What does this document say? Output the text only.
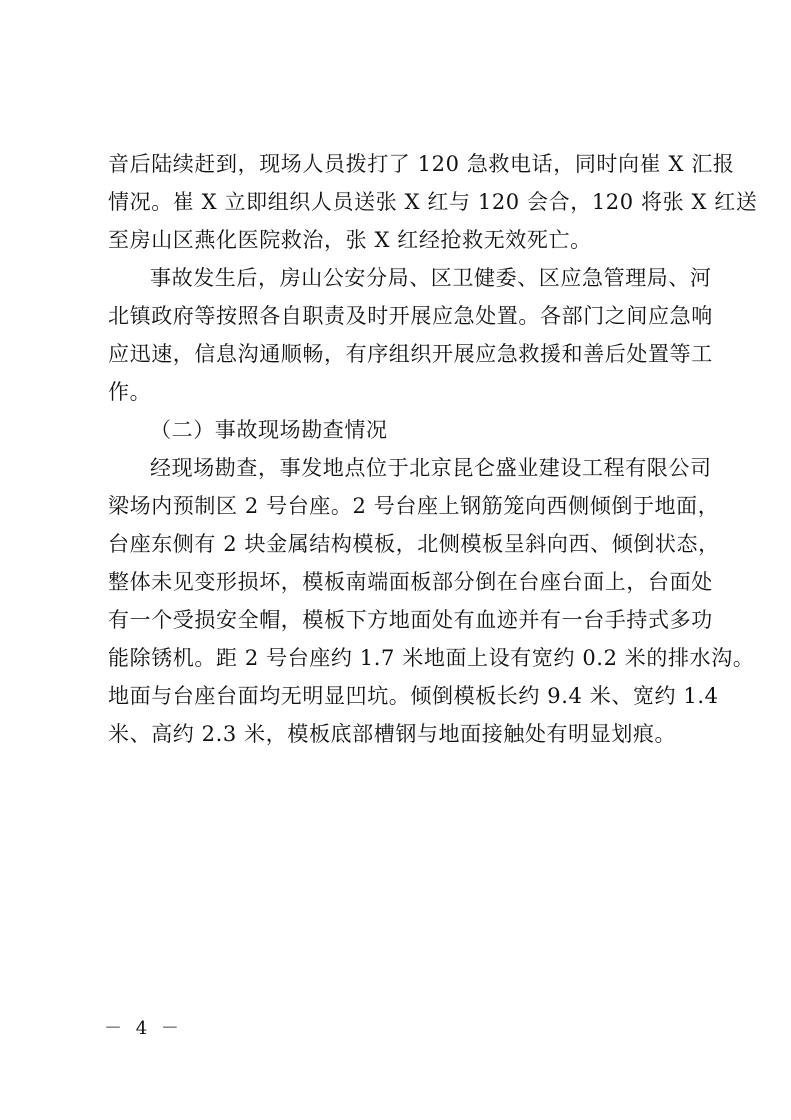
音后陆续赶到，现场人员拨打了 120 急救电话，同时向崔 X 汇报
情况。崔 X 立即组织人员送张 X 红与 120 会合，120 将张 X 红送
至房山区燕化医院救治，张 X 红经抢救无效死亡。
事故发生后，房山公安分局、区卫健委、区应急管理局、河
北镇政府等按照各自职责及时开展应急处置。各部门之间应急响
应迅速，信息沟通顺畅，有序组织开展应急救援和善后处置等工
作。
（二）事故现场勘查情况
经现场勘查，事发地点位于北京昆仑盛业建设工程有限公司
梁场内预制区 2 号台座。2 号台座上钢筋笼向西侧倾倒于地面，
台座东侧有 2 块金属结构模板，北侧模板呈斜向西、倾倒状态，
整体未见变形损坏，模板南端面板部分倒在台座台面上，台面处
有一个受损安全帽，模板下方地面处有血迹并有一台手持式多功
能除锈机。距 2 号台座约 1.7 米地面上设有宽约 0.2 米的排水沟。
地面与台座台面均无明显凹坑。倾倒模板长约 9.4 米、宽约 1.4
米、高约 2.3 米，模板底部槽钢与地面接触处有明显划痕。
－ 4 －
